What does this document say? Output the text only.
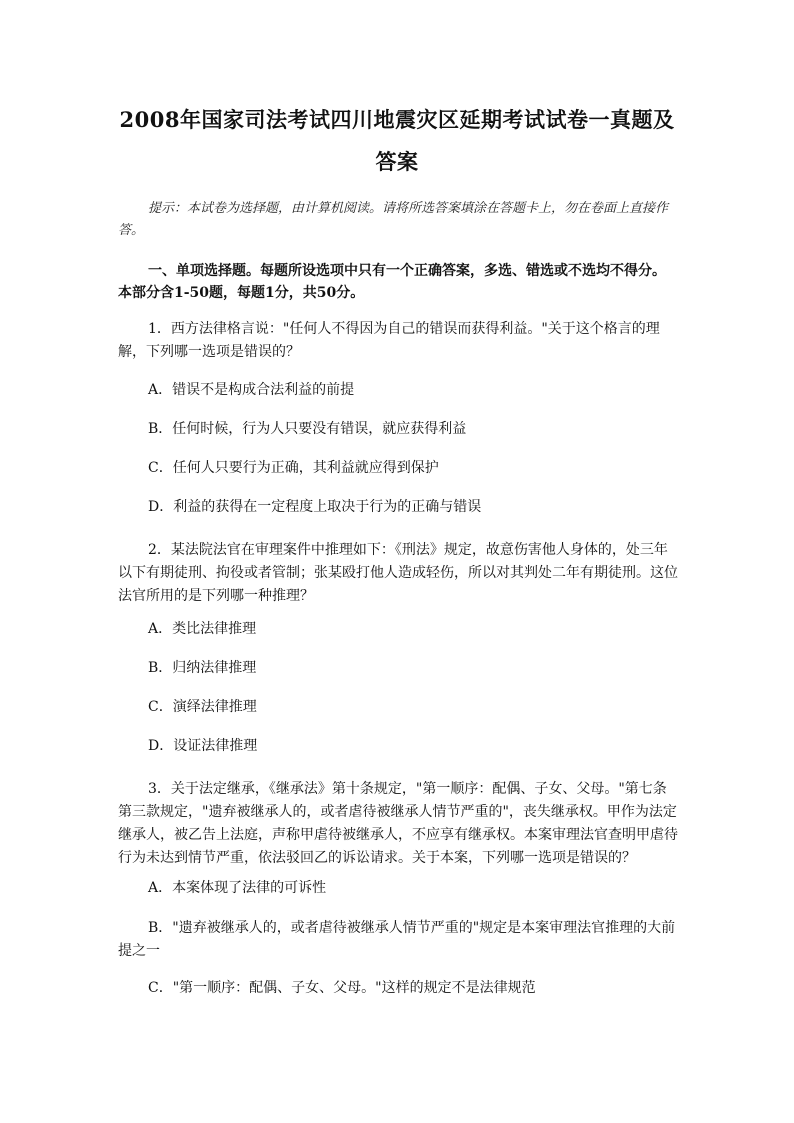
2008年国家司法考试四川地震灾区延期考试试卷一真题及
答案
提示：本试卷为选择题，由计算机阅读。请将所选答案填涂在答题卡上，勿在卷面上直接作答。
一、单项选择题。每题所设选项中只有一个正确答案，多选、错选或不选均不得分。本部分含1-50题，每题1分，共50分。
1．西方法律格言说："任何人不得因为自己的错误而获得利益。"关于这个格言的理解，下列哪一选项是错误的？
A．错误不是构成合法利益的前提
B．任何时候，行为人只要没有错误，就应获得利益
C．任何人只要行为正确，其利益就应得到保护
D．利益的获得在一定程度上取决于行为的正确与错误
2．某法院法官在审理案件中推理如下：《刑法》规定，故意伤害他人身体的，处三年以下有期徒刑、拘役或者管制；张某殴打他人造成轻伤，所以对其判处二年有期徒刑。这位法官所用的是下列哪一种推理？
A．类比法律推理
B．归纳法律推理
C．演绎法律推理
D．设证法律推理
3．关于法定继承，《继承法》第十条规定，"第一顺序：配偶、子女、父母。"第七条第三款规定，"遗弃被继承人的，或者虐待被继承人情节严重的"，丧失继承权。甲作为法定继承人，被乙告上法庭，声称甲虐待被继承人，不应享有继承权。本案审理法官查明甲虐待行为未达到情节严重，依法驳回乙的诉讼请求。关于本案，下列哪一选项是错误的？
A．本案体现了法律的可诉性
B．"遗弃被继承人的，或者虐待被继承人情节严重的"规定是本案审理法官推理的大前提之一
C．"第一顺序：配偶、子女、父母。"这样的规定不是法律规范
